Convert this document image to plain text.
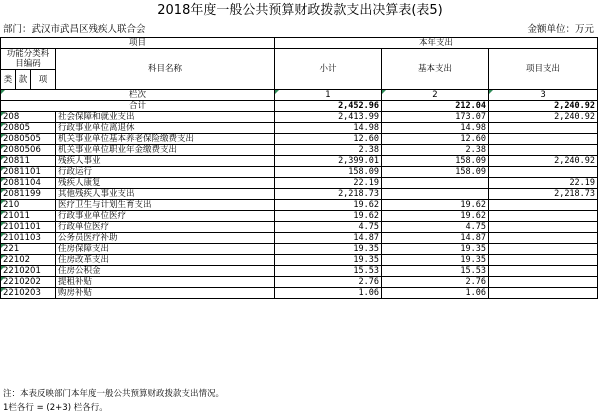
2018年度一般公共预算财政拨款支出决算表(表5)
部门：武汉市武昌区残疾人联合会	金额单位：万元
项目				本年支出		
功能分类科目编码			科目名称	小计	基本支出	项目支出
类	款	项				
栏次				1	2	3
合计				2,452.96	212.04	2,240.92
208			社会保障和就业支出	2,413.99	173.07	2,240.92
20805			行政事业单位离退休	14.98	14.98	
2080505			机关事业单位基本养老保险缴费支出	12.60	12.60	
2080506			机关事业单位职业年金缴费支出	2.38	2.38	
20811			残疾人事业	2,399.01	158.09	2,240.92
2081101			行政运行	158.09	158.09	
2081104			残疾人康复	22.19		22.19
2081199			其他残疾人事业支出	2,218.73		2,218.73
210			医疗卫生与计划生育支出	19.62	19.62	
21011			行政事业单位医疗	19.62	19.62	
2101101			行政单位医疗	4.75	4.75	
2101103			公务员医疗补助	14.87	14.87	
221			住房保障支出	19.35	19.35	
22102			住房改革支出	19.35	19.35	
2210201			住房公积金	15.53	15.53	
2210202			提租补贴	2.76	2.76	
2210203			购房补贴	1.06	1.06	
注：本表反映部门本年度一般公共预算财政拨款支出情况。
1栏各行 = (2+3) 栏各行。
